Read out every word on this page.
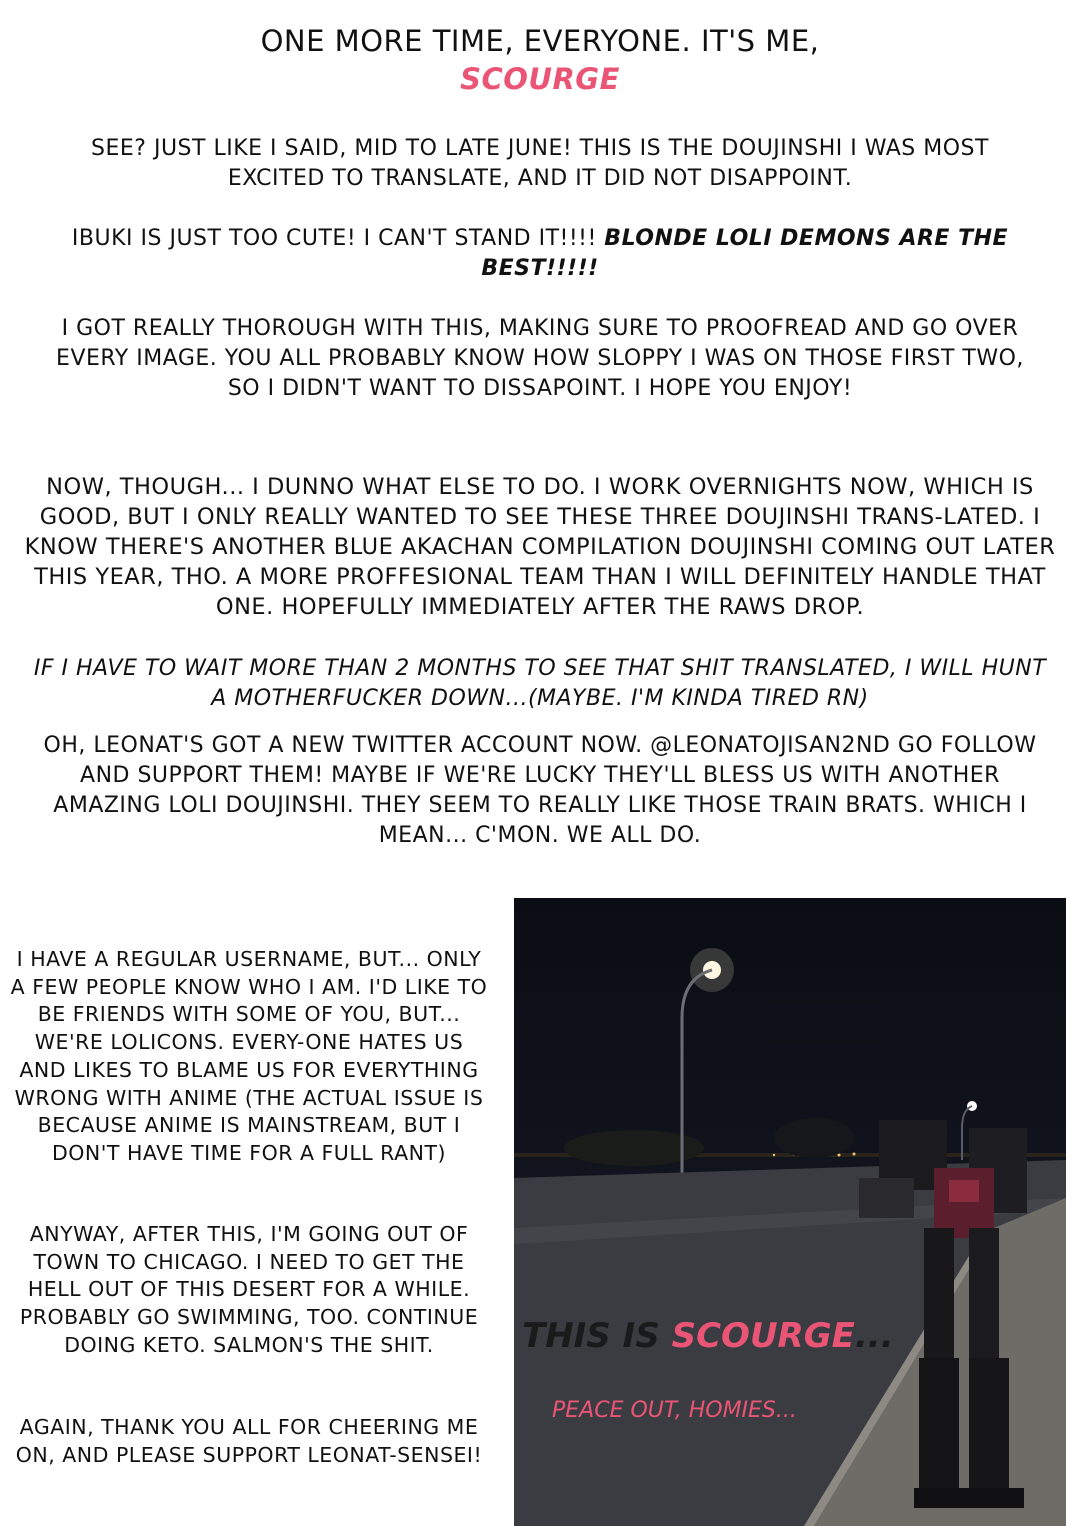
ONE MORE TIME, EVERYONE. IT'S ME,
SCOURGE
SEE? JUST LIKE I SAID, MID TO LATE JUNE! THIS IS THE DOUJINSHI I WAS MOST EXCITED TO TRANSLATE, AND IT DID NOT DISAPPOINT.
IBUKI IS JUST TOO CUTE! I CAN'T STAND IT!!!! BLONDE LOLI DEMONS ARE THE BEST!!!!!
I GOT REALLY THOROUGH WITH THIS, MAKING SURE TO PROOFREAD AND GO OVER EVERY IMAGE. YOU ALL PROBABLY KNOW HOW SLOPPY I WAS ON THOSE FIRST TWO, SO I DIDN'T WANT TO DISSAPOINT. I HOPE YOU ENJOY!
NOW, THOUGH... I DUNNO WHAT ELSE TO DO. I WORK OVERNIGHTS NOW, WHICH IS GOOD, BUT I ONLY REALLY WANTED TO SEE THESE THREE DOUJINSHI TRANS-LATED. I KNOW THERE'S ANOTHER BLUE AKACHAN COMPILATION DOUJINSHI COMING OUT LATER THIS YEAR, THO. A MORE PROFFESIONAL TEAM THAN I WILL DEFINITELY HANDLE THAT ONE. HOPEFULLY IMMEDIATELY AFTER THE RAWS DROP.
IF I HAVE TO WAIT MORE THAN 2 MONTHS TO SEE THAT SHIT TRANSLATED, I WILL HUNT A MOTHERFUCKER DOWN...(MAYBE. I'M KINDA TIRED RN)
OH, LEONAT'S GOT A NEW TWITTER ACCOUNT NOW. @LEONATOJISAN2ND GO FOLLOW AND SUPPORT THEM! MAYBE IF WE'RE LUCKY THEY'LL BLESS US WITH ANOTHER AMAZING LOLI DOUJINSHI. THEY SEEM TO REALLY LIKE THOSE TRAIN BRATS. WHICH I MEAN... C'MON. WE ALL DO.
I HAVE A REGULAR USERNAME, BUT... ONLY A FEW PEOPLE KNOW WHO I AM. I'D LIKE TO BE FRIENDS WITH SOME OF YOU, BUT... WE'RE LOLICONS. EVERY-ONE HATES US AND LIKES TO BLAME US FOR EVERYTHING WRONG WITH ANIME (THE ACTUAL ISSUE IS BECAUSE ANIME IS MAINSTREAM, BUT I DON'T HAVE TIME FOR A FULL RANT)
ANYWAY, AFTER THIS, I'M GOING OUT OF TOWN TO CHICAGO. I NEED TO GET THE HELL OUT OF THIS DESERT FOR A WHILE. PROBABLY GO SWIMMING, TOO. CONTINUE DOING KETO. SALMON'S THE SHIT.
AGAIN, THANK YOU ALL FOR CHEERING ME ON, AND PLEASE SUPPORT LEONAT-SENSEI!
THIS IS SCOURGE...
PEACE OUT, HOMIES...
